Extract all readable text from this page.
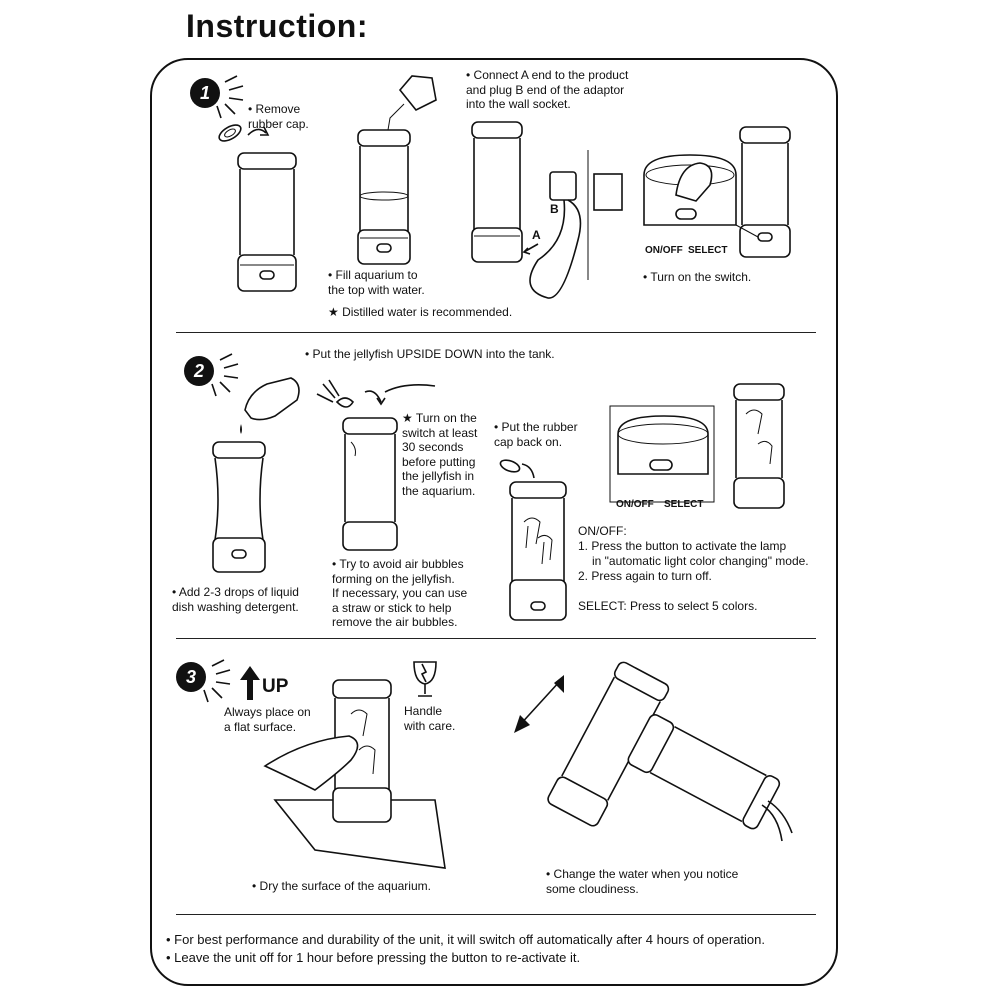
Instruction:
1
• Remove
rubber cap.
• Fill aquarium to
the top with water.
★ Distilled water is recommended.
• Connect A end to the product
and plug B end of the adaptor
into the wall socket.
• Turn on the switch.
A
B
ON/OFF SELECT
2
• Put the jellyfish UPSIDE DOWN into the tank.
• Add 2-3 drops of liquid
dish washing detergent.
★ Turn on the
switch at least
30 seconds
before putting
the jellyfish in
the aquarium.
• Try to avoid air bubbles
forming on the jellyfish.
If necessary, you can use
a straw or stick to help
remove the air bubbles.
• Put the rubber
cap back on.
ON/OFF:
1. Press the button to activate the lamp
in "automatic light color changing" mode.
2. Press again to turn off.
SELECT: Press to select 5 colors.
ON/OFF SELECT
3	UP
Always place on
a flat surface.
Handle
with care.
• Dry the surface of the aquarium.
• Change the water when you notice
some cloudiness.
• For best performance and durability of the unit, it will switch off automatically after 4 hours of operation.
• Leave the unit off for 1 hour before pressing the button to re-activate it.
